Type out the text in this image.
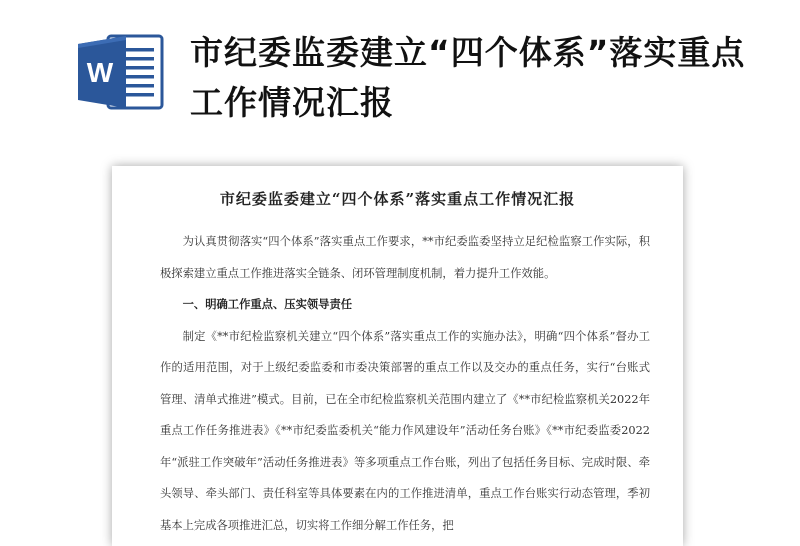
W
市纪委监委建立“四个体系”落实重点工作情况汇报
市纪委监委建立“四个体系”落实重点工作情况汇报

为认真贯彻落实“四个体系”落实重点工作要求，**市纪委监委坚持立足纪检监察工作实际，积极探索建立重点工作推进落实全链条、闭环管理制度机制，着力提升工作效能。

一、明确工作重点、压实领导责任

制定《**市纪检监察机关建立“四个体系”落实重点工作的实施办法》，明确“四个体系”督办工作的适用范围，对于上级纪委监委和市委决策部署的重点工作以及交办的重点任务，实行“台账式管理、清单式推进”模式。目前，已在全市纪检监察机关范围内建立了《**市纪检监察机关2022年重点工作任务推进表》《**市纪委监委机关“能力作风建设年”活动任务台账》《**市纪委监委2022年“派驻工作突破年”活动任务推进表》等多项重点工作台账，列出了包括任务目标、完成时限、牵头领导、牵头部门、责任科室等具体要素在内的工作推进清单，重点工作台账实行动态管理，季初基本上完成各项推进汇总，切实将工作细分解工作任务，把
